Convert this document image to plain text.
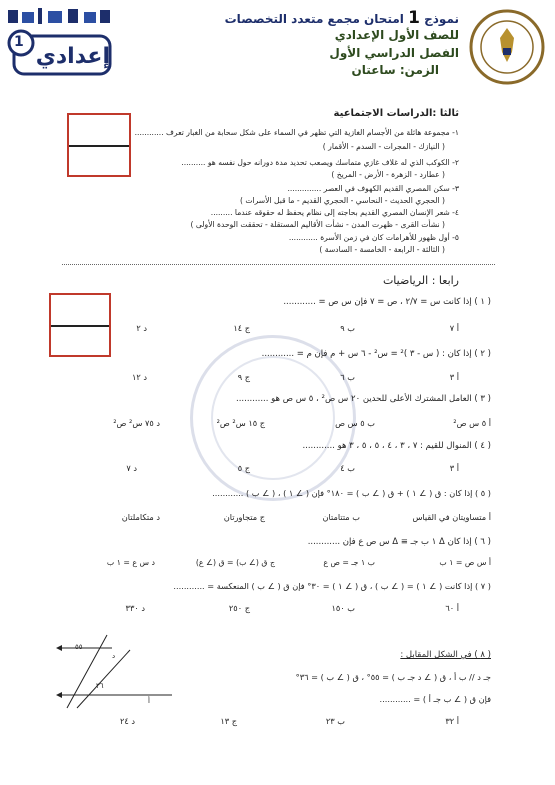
نموذج 1 امتحان مجمع متعدد التخصصات
للصف الأول الإعدادي
الفصل الدراسي الأول
الزمن: ساعتان
1
إعدادي
ثالثا :الدراسات الاجتماعية
١- مجموعة هائلة من الأجسام الغازية التي تظهر في السماء على شكل سحابة من الغبار تعرف ............
( النيازك - المجرات - السدم - الأقمار )
٢- الكوكب الذي له غلاف غازي متماسك ويصعب تحديد مدة دورانه حول نفسه هو ..........
( عطارد - الزهرة - الأرض - المريخ )
٣- سكن المصري القديم الكهوف في العصر ..............
( الحجري الحديث - النحاسي - الحجري القديم - ما قبل الأسرات )
٤- شعر الإنسان المصري القديم بحاجته إلى نظام يحفظ له حقوقه عندما .........
( نشأت القرى - ظهرت المدن - نشأت الأقاليم المستقلة - تحققت الوحدة الأولى )
٥- أول ظهور للأهرامات كان في زمن الأسرة ............
( الثالثة - الرابعة - الخامسة - السادسة )
رابعا : الرياضيات
( ١ ) إذا كانت س = ٢/٧ ، ص = ٧ فإن س ص = ............
أ ٧
ب ٩
ج ١٤
د ٢
( ٢ ) إذا كان : ( س - ٣ )² = س² - ٦ س + م فإن م = ............
أ ٣
ب ٦
ج ٩
د ١٢
( ٣ ) العامل المشترك الأعلى للحدين ٢٠ س ص² ، ٥ س ص هو ............
أ ٥ س ص²
ب ٥ س ص
ج ١٥ س² ص²
د ٧٥ س² ص²
( ٤ ) المنوال للقيم : ٧ ، ٣ ، ٤ ، ٥ ، ٥ ، ٣ هو ............
أ ٣
ب ٤
ج ٥
د ٧
( ٥ ) إذا كان : ق ( ∠ ١ ) + ق ( ∠ ب ) = ١٨٠° فإن ( ∠ ١ ) ، ( ∠ ب ) ............
أ متساويتان في القياس
ب متتامتان
ج متجاورتان
د متكاملتان
( ٦ ) إذا كان Δ ١ ب جـ ≡ Δ س ص ع فإن ............
أ س ص = ١ ب
ب ١ جـ = ص ع
ج ق (∠ ب) = ق (∠ ع)
د س ع = ١ ب
( ٧ ) إذا كانت ( ∠ ١ ) = ( ∠ ب ) ، ق ( ∠ ١ ) = ٣٠° فإن ق ( ∠ ب ) المنعكسة = ............
أ ٦٠
ب ١٥٠
ج ٢٥٠
د ٣٣٠
( ٨ ) في الشكل المقابل :
جـ د // ب أ ، ق ( ∠ د جـ ب ) = ٥٥° ، ق ( ∠ ب ) = ٣٦°
فإن ق ( ∠ ب جـ أ ) = ............
أ ٣٢
ب ٢٣
ج ١٣
د ٢٤
٥٥
٣٦
أ
د
